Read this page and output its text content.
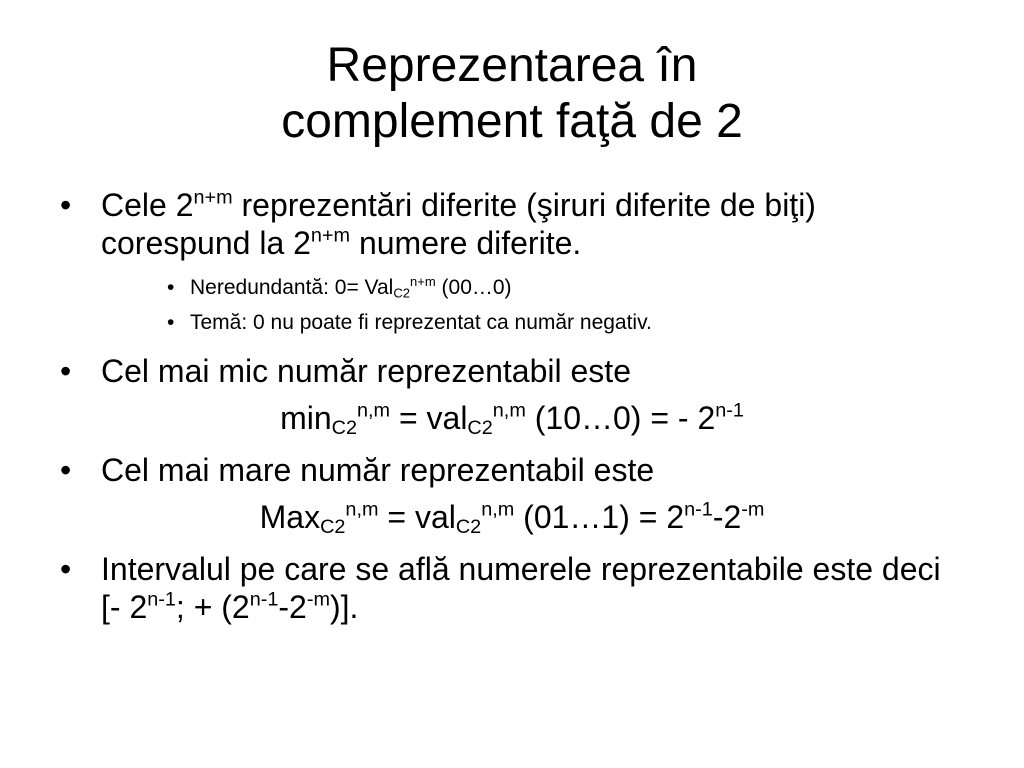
Reprezentarea în
complement faţă de 2
• Cele $2^{n+m}$ reprezentări diferite (şiruri diferite de biţi) corespund la $2^{n+m}$ numere diferite.
• Neredundantă: 0= Val$_{C2}^{n+m}$ (00…0)
• Temă: 0 nu poate fi reprezentat ca număr negativ.
• Cel mai mic număr reprezentabil este
$\min_{C2}^{n,m} = val_{C2}^{n,m}$ (10…0) = - 2$^{n-1}$
• Cel mai mare număr reprezentabil este
Max$_{C2}^{n,m}$ = val$_{C2}^{n,m}$ (01…1) = $2^{n-1}-2^{-m}$
• Intervalul pe care se află numerele reprezentabile este deci [- $2^{n-1}$; + $(2^{n-1}-2^{-m})$].
